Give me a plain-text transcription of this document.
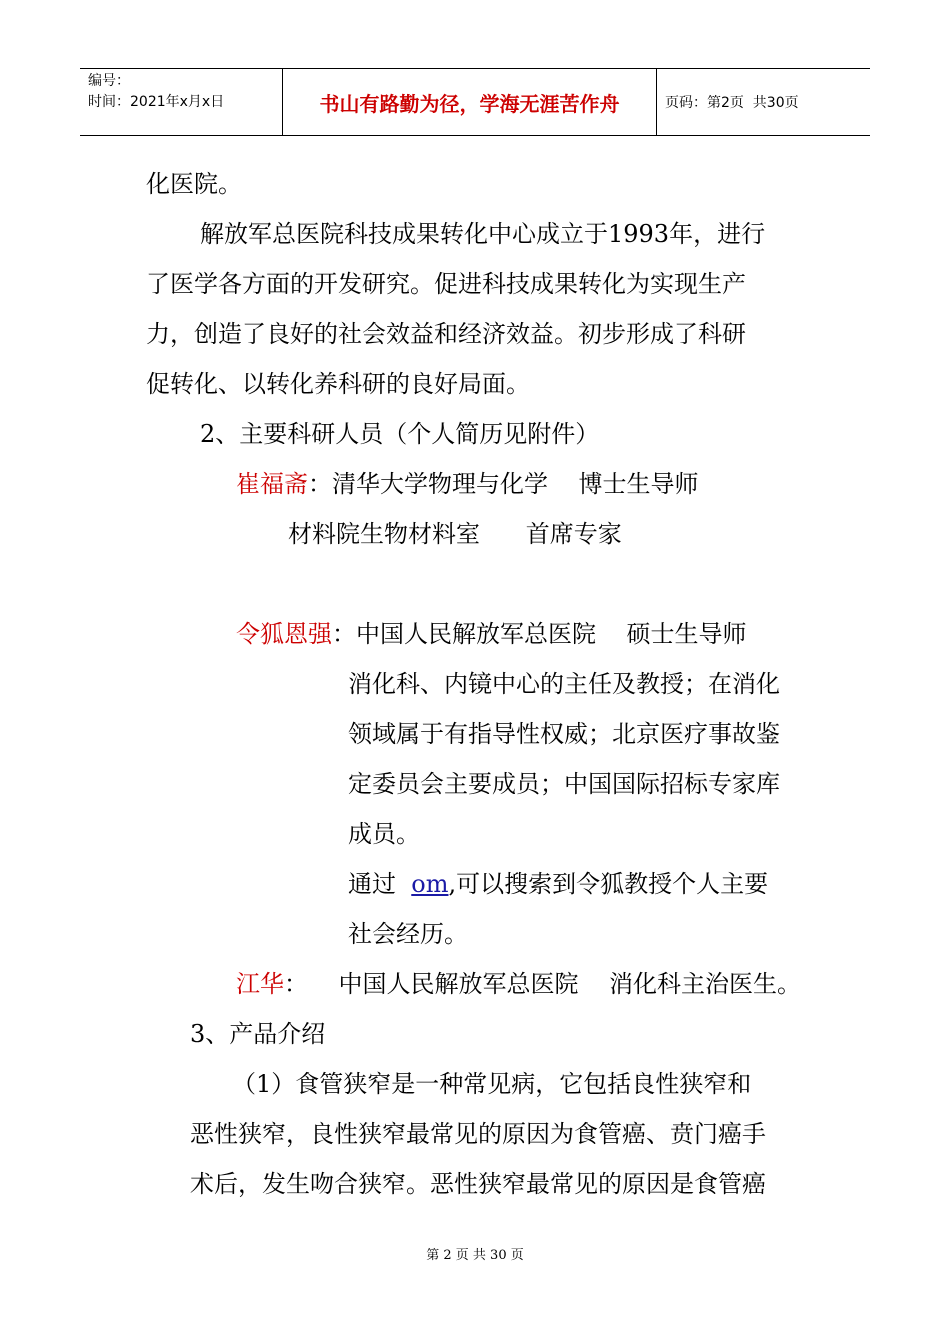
编号：
时间：2021年x月x日	书山有路勤为径，学海无涯苦作舟	页码：第2页  共30页
化医院。
解放军总医院科技成果转化中心成立于1993年，进行
了医学各方面的开发研究。促进科技成果转化为实现生产
力，创造了良好的社会效益和经济效益。初步形成了科研
促转化、以转化养科研的良好局面。
2、主要科研人员（个人简历见附件）
崔福斋：清华大学物理与化学    博士生导师
材料院生物材料室      首席专家
令狐恩强：中国人民解放军总医院    硕士生导师
消化科、内镜中心的主任及教授；在消化
领域属于有指导性权威；北京医疗事故鉴
定委员会主要成员；中国国际招标专家库
成员。
通过  om,可以搜索到令狐教授个人主要
社会经历。
江华：    中国人民解放军总医院    消化科主治医生。
3、产品介绍
（1）食管狭窄是一种常见病，它包括良性狭窄和
恶性狭窄，良性狭窄最常见的原因为食管癌、贲门癌手
术后，发生吻合狭窄。恶性狭窄最常见的原因是食管癌
第 2 页 共 30 页
